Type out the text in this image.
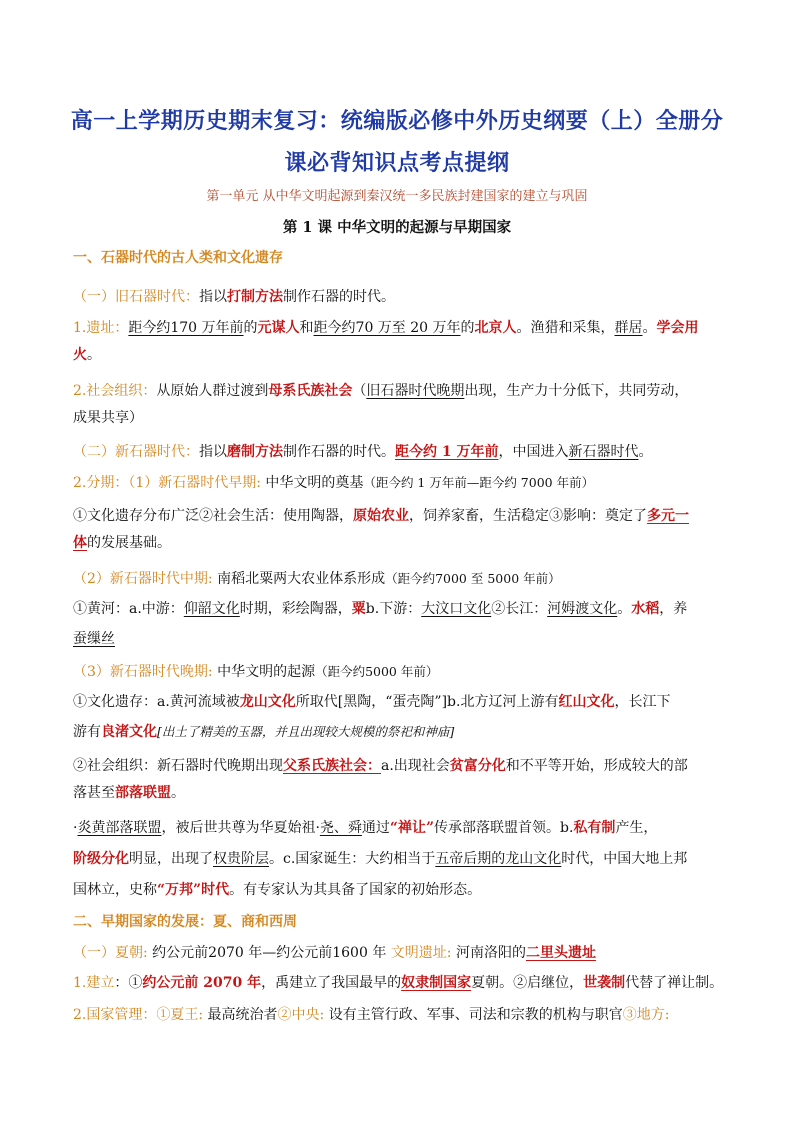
高一上学期历史期末复习：统编版必修中外历史纲要（上）全册分
课必背知识点考点提纲
第一单元 从中华文明起源到秦汉统一多民族封建国家的建立与巩固
第 1 课 中华文明的起源与早期国家
一、石器时代的古人类和文化遗存
（一）旧石器时代：指以打制方法制作石器的时代。
1.遗址：距今约170 万年前的元谋人和距今约70 万至 20 万年的北京人。渔猎和采集，群居。学会用
火。
2.社会组织：从原始人群过渡到母系氏族社会（旧石器时代晚期出现，生产力十分低下，共同劳动，
成果共享）
（二）新石器时代：指以磨制方法制作石器的时代。距今约 1 万年前，中国进入新石器时代。
2.分期：（1）新石器时代早期: 中华文明的奠基（距今约 1 万年前—距今约 7000 年前）
①文化遗存分布广泛②社会生活：使用陶器，原始农业，饲养家畜，生活稳定③影响：奠定了多元一
体的发展基础。
（2）新石器时代中期: 南稻北粟两大农业体系形成（距今约7000 至 5000 年前）
①黄河：a.中游：仰韶文化时期，彩绘陶器，粟b.下游：大汶口文化②长江：河姆渡文化。水稻，养
蚕缫丝
（3）新石器时代晚期: 中华文明的起源（距今约5000 年前）
①文化遗存：a.黄河流域被龙山文化所取代[黑陶，“蛋壳陶”]b.北方辽河上游有红山文化，长江下
游有良渚文化[出土了精美的玉器，并且出现较大规模的祭祀和神庙]
②社会组织：新石器时代晚期出现父系氏族社会：a.出现社会贫富分化和不平等开始，形成较大的部
落甚至部落联盟。
·炎黄部落联盟，被后世共尊为华夏始祖·尧、舜通过“禅让”传承部落联盟首领。b.私有制产生，
阶级分化明显，出现了权贵阶层。c.国家诞生：大约相当于五帝后期的龙山文化时代，中国大地上邦
国林立，史称“万邦”时代。有专家认为其具备了国家的初始形态。
二、早期国家的发展：夏、商和西周
（一）夏朝: 约公元前2070 年—约公元前1600 年 文明遗址: 河南洛阳的二里头遗址
1.建立：①约公元前 2070 年，禹建立了我国最早的奴隶制国家夏朝。②启继位，世袭制代替了禅让制。
2.国家管理：①夏王: 最高统治者②中央: 设有主管行政、军事、司法和宗教的机构与职官③地方:
